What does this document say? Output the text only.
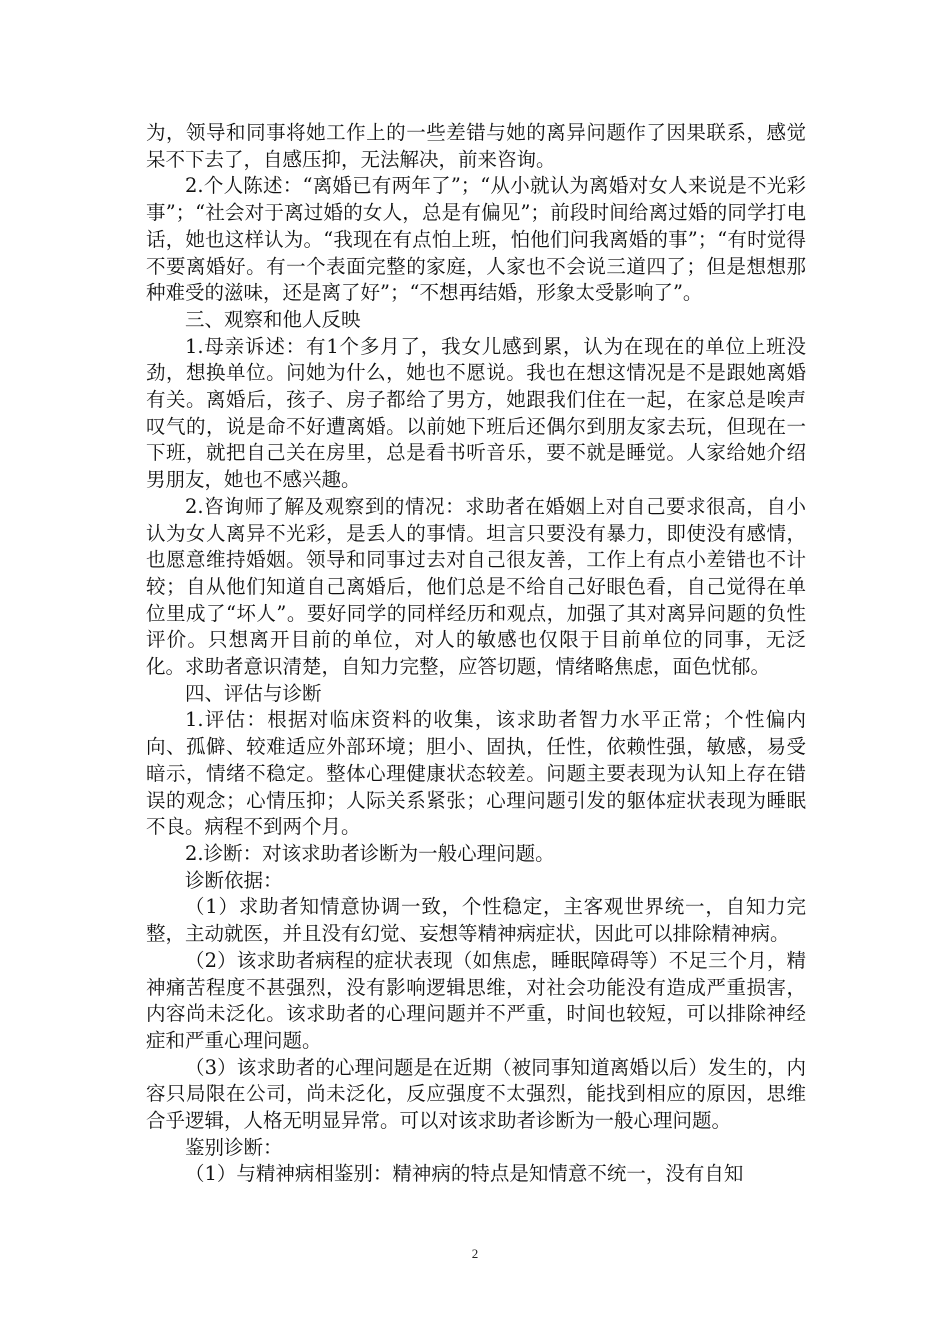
为，领导和同事将她工作上的一些差错与她的离异问题作了因果联系，感觉呆不下去了，自感压抑，无法解决，前来咨询。

2.个人陈述：“离婚已有两年了”；“从小就认为离婚对女人来说是不光彩事”；“社会对于离过婚的女人，总是有偏见”；前段时间给离过婚的同学打电话，她也这样认为。“我现在有点怕上班，怕他们问我离婚的事”；“有时觉得不要离婚好。有一个表面完整的家庭，人家也不会说三道四了；但是想想那种难受的滋味，还是离了好”；“不想再结婚，形象太受影响了”。

三、观察和他人反映

1.母亲诉述：有1个多月了，我女儿感到累，认为在现在的单位上班没劲，想换单位。问她为什么，她也不愿说。我也在想这情况是不是跟她离婚有关。离婚后，孩子、房子都给了男方，她跟我们住在一起，在家总是唉声叹气的，说是命不好遭离婚。以前她下班后还偶尔到朋友家去玩，但现在一下班，就把自己关在房里，总是看书听音乐，要不就是睡觉。人家给她介绍男朋友，她也不感兴趣。

2.咨询师了解及观察到的情况：求助者在婚姻上对自己要求很高，自小认为女人离异不光彩，是丢人的事情。坦言只要没有暴力，即使没有感情，也愿意维持婚姻。领导和同事过去对自己很友善，工作上有点小差错也不计较；自从他们知道自己离婚后，他们总是不给自己好眼色看，自己觉得在单位里成了“坏人”。要好同学的同样经历和观点，加强了其对离异问题的负性评价。只想离开目前的单位，对人的敏感也仅限于目前单位的同事，无泛化。求助者意识清楚，自知力完整，应答切题，情绪略焦虑，面色忧郁。

四、评估与诊断

1.评估：根据对临床资料的收集，该求助者智力水平正常；个性偏内向、孤僻、较难适应外部环境；胆小、固执，任性，依赖性强，敏感，易受暗示，情绪不稳定。整体心理健康状态较差。问题主要表现为认知上存在错误的观念；心情压抑；人际关系紧张；心理问题引发的躯体症状表现为睡眠不良。病程不到两个月。

2.诊断：对该求助者诊断为一般心理问题。

诊断依据：

（1）求助者知情意协调一致，个性稳定，主客观世界统一，自知力完整，主动就医，并且没有幻觉、妄想等精神病症状，因此可以排除精神病。

（2）该求助者病程的症状表现（如焦虑，睡眠障碍等）不足三个月，精神痛苦程度不甚强烈，没有影响逻辑思维，对社会功能没有造成严重损害，内容尚未泛化。该求助者的心理问题并不严重，时间也较短，可以排除神经症和严重心理问题。

（3）该求助者的心理问题是在近期（被同事知道离婚以后）发生的，内容只局限在公司，尚未泛化，反应强度不太强烈，能找到相应的原因，思维合乎逻辑，人格无明显异常。可以对该求助者诊断为一般心理问题。

鉴别诊断：

（1）与精神病相鉴别：精神病的特点是知情意不统一，没有自知

2
